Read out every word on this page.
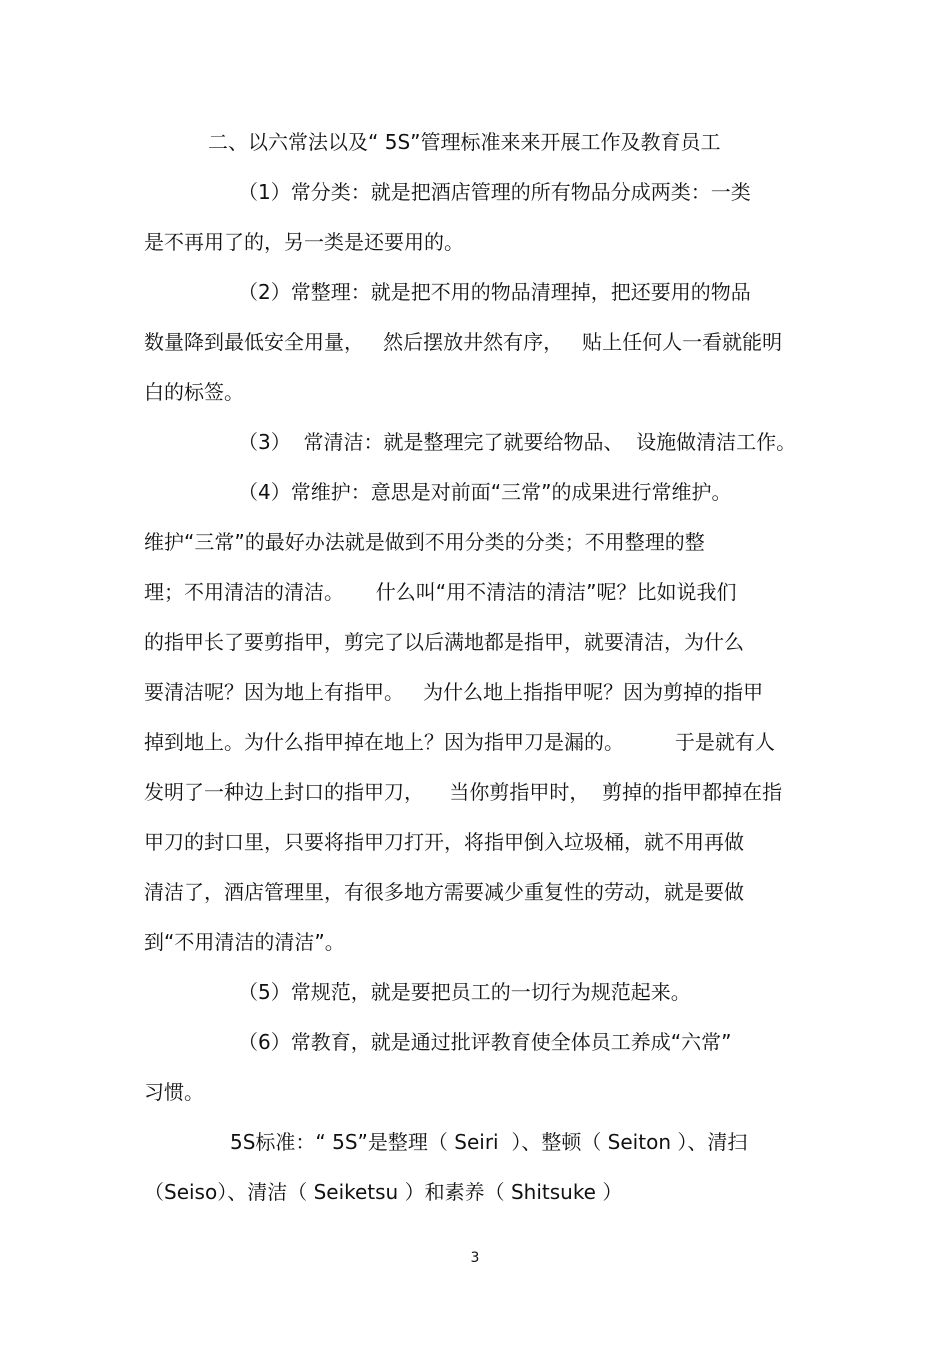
二、以六常法以及“ 5S”管理标准来来开展工作及教育员工
（1）常分类：就是把酒店管理的所有物品分成两类：一类
是不再用了的，另一类是还要用的。
（2）常整理：就是把不用的物品清理掉，把还要用的物品
数量降到最低安全用量，   然后摆放井然有序，   贴上任何人一看就能明
白的标签。
（3）  常清洁：就是整理完了就要给物品、  设施做清洁工作。
（4）常维护：意思是对前面“三常”的成果进行常维护。
维护“三常”的最好办法就是做到不用分类的分类；不用整理的整
理；不用清洁的清洁。     什么叫“用不清洁的清洁”呢？比如说我们
的指甲长了要剪指甲，剪完了以后满地都是指甲，就要清洁，为什么
要清洁呢？因为地上有指甲。   为什么地上指指甲呢？因为剪掉的指甲
掉到地上。为什么指甲掉在地上？因为指甲刀是漏的。        于是就有人
发明了一种边上封口的指甲刀，    当你剪指甲时，  剪掉的指甲都掉在指
甲刀的封口里，只要将指甲刀打开，将指甲倒入垃圾桶，就不用再做
清洁了，酒店管理里，有很多地方需要减少重复性的劳动，就是要做
到“不用清洁的清洁”。
（5）常规范，就是要把员工的一切行为规范起来。
（6）常教育，就是通过批评教育使全体员工养成“六常”
习惯。
5S标准：“ 5S”是整理（ Seiri  ）、整顿（ Seiton ）、清扫
（Seiso）、清洁（ Seiketsu ）和素养（ Shitsuke ）
3
